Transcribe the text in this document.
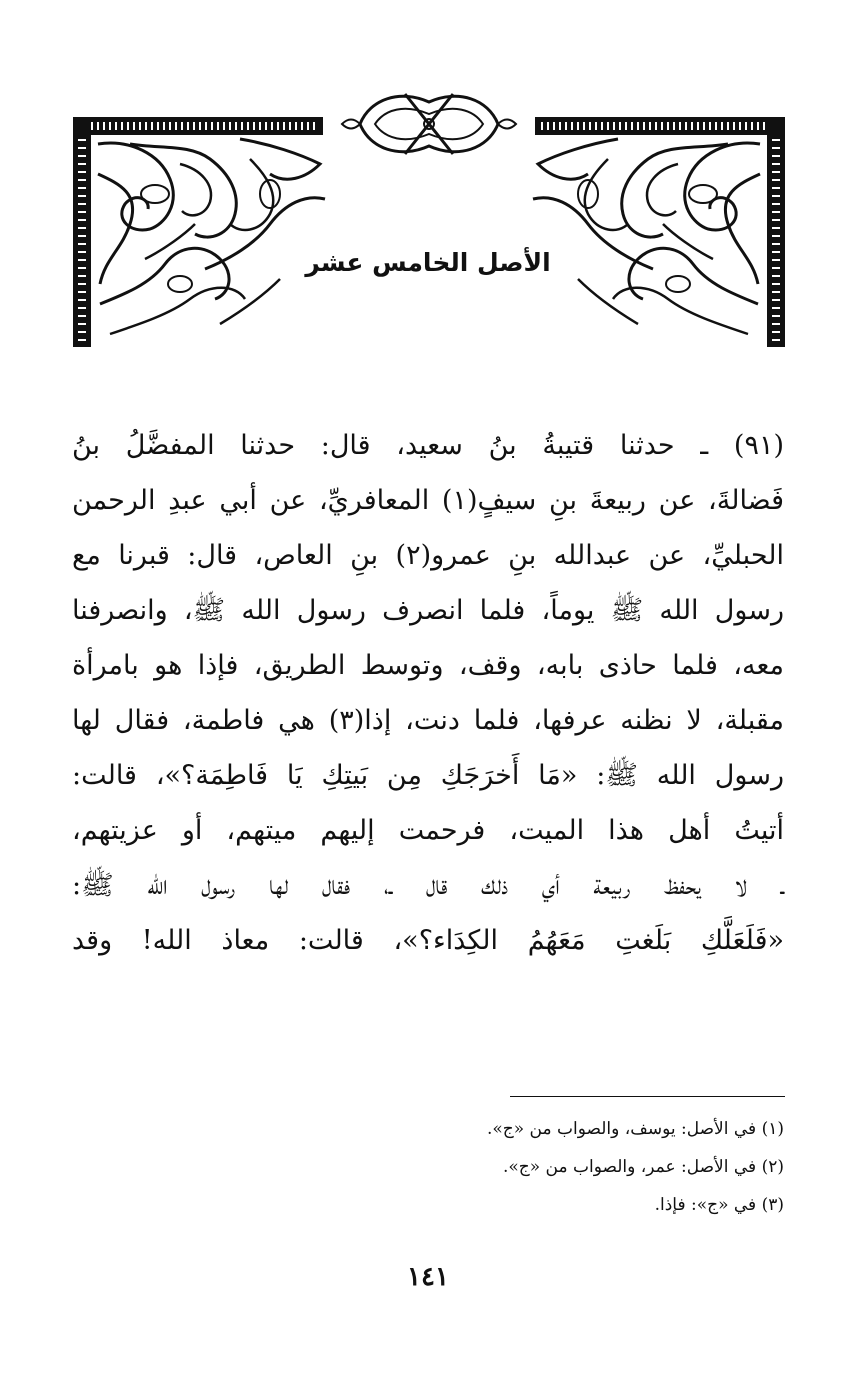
الأصل الخامس عشر
(٩١) ـ حدثنا قتيبةُ بنُ سعيد، قال: حدثنا المفضَّلُ بنُ
فَضالةَ، عن ربيعةَ بنِ سيفٍ(١) المعافريِّ، عن أبي عبدِ الرحمن
الحبليِّ، عن عبدالله بنِ عمرو(٢) بنِ العاص، قال: قبرنا مع
رسول الله ﷺ يوماً، فلما انصرف رسول الله ﷺ، وانصرفنا
معه، فلما حاذى بابه، وقف، وتوسط الطريق، فإذا هو بامرأة
مقبلة، لا نظنه عرفها، فلما دنت، إذا(٣) هي فاطمة، فقال لها
رسول الله ﷺ: «مَا أَخرَجَكِ مِن بَيتِكِ يَا فَاطِمَة؟»، قالت:
أتيتُ أهل هذا الميت، فرحمت إليهم ميتهم، أو عزيتهم،
ـ لا يحفظ ربيعة أي ذلك قال ـ، فقال لها رسول الله ﷺ:
«فَلَعَلَّكِ بَلَغتِ مَعَهُمُ الكِدَاء؟»، قالت: معاذ الله! وقد
(١) في الأصل: يوسف، والصواب من «ج».
(٢) في الأصل: عمر، والصواب من «ج».
(٣) في «ج»: فإذا.
١٤١
